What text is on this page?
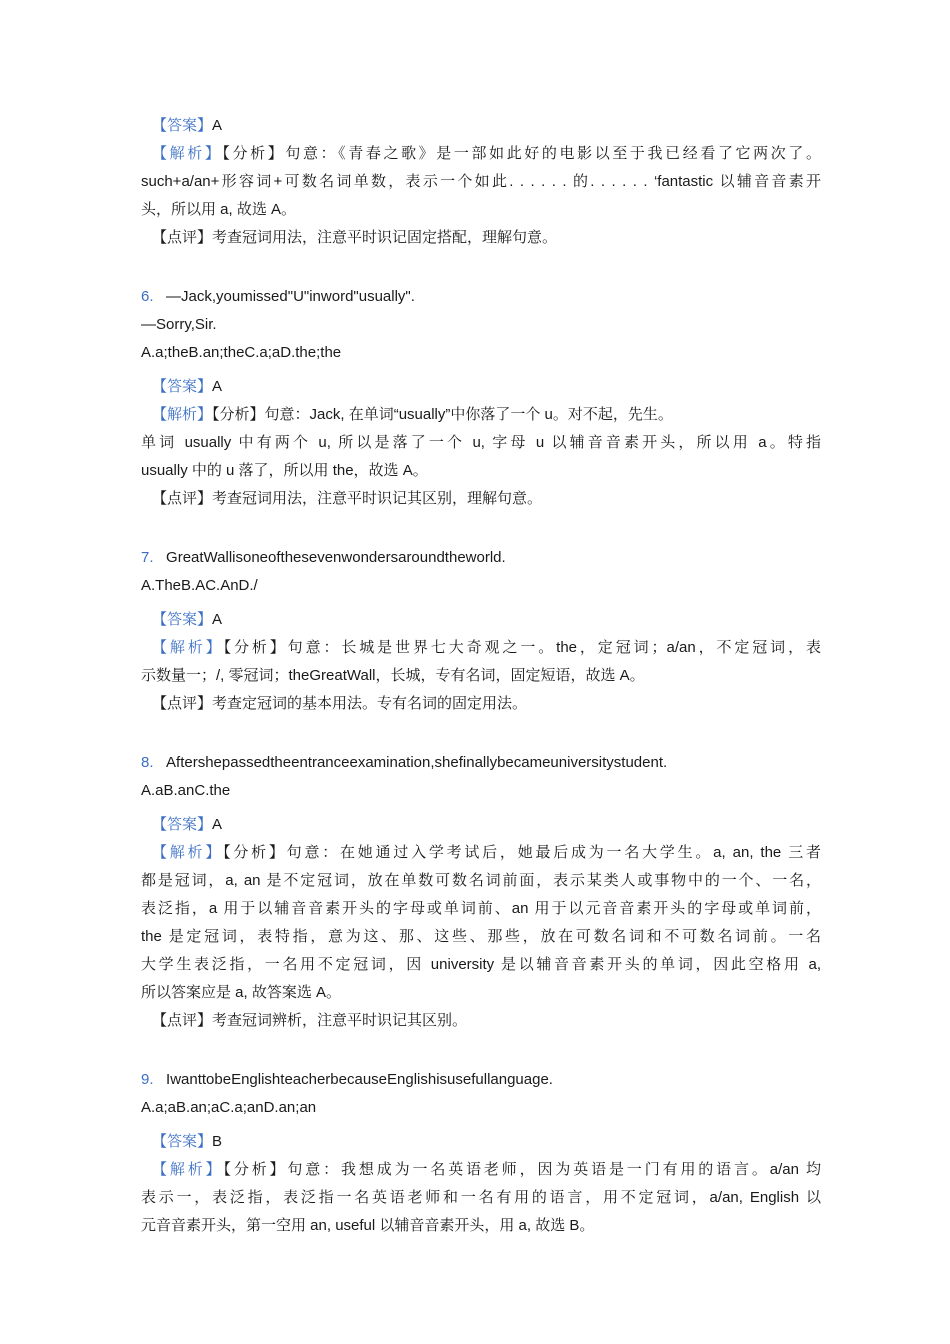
【答案】A
【解析】【分析】句意：《青春之歌》是一部如此好的电影以至于我已经看了它两次了。
such+a/an+形容词+可数名词单数，表示一个如此. . . . . . 的. . . . . . ‘fantastic 以辅音音素开
头，所以用 a, 故选 A。
【点评】考查冠词用法，注意平时识记固定搭配，理解句意。
6. —Jack,youmissed"U"inword"usually".
—Sorry,Sir.
A.a;theB.an;theC.a;aD.the;the
【答案】A
【解析】【分析】句意：Jack, 在单词“usually”中你落了一个 u。对不起，先生。
单词 usually 中有两个 u, 所以是落了一个 u, 字母 u 以辅音音素开头，所以用 a。特指
usually 中的 u 落了，所以用 the，故选 A。
【点评】考查冠词用法，注意平时识记其区别，理解句意。
7. GreatWallisoneofthesevenwondersaroundtheworld.
A.TheB.AC.AnD./
【答案】A
【解析】【分析】句意：长城是世界七大奇观之一。the，定冠词；a/an，不定冠词，表
示数量一；/, 零冠词；theGreatWall，长城，专有名词，固定短语，故选 A。
【点评】考查定冠词的基本用法。专有名词的固定用法。
8. Aftershepassedtheentranceexamination,shefinallybecameuniversitystudent.
A.aB.anC.the
【答案】A
【解析】【分析】句意：在她通过入学考试后，她最后成为一名大学生。a, an, the 三者
都是冠词，a, an 是不定冠词，放在单数可数名词前面，表示某类人或事物中的一个、一名，
表泛指，a 用于以辅音音素开头的字母或单词前、an 用于以元音音素开头的字母或单词前，
the 是定冠词，表特指，意为这、那、这些、那些，放在可数名词和不可数名词前。一名
大学生表泛指，一名用不定冠词，因 university 是以辅音音素开头的单词，因此空格用 a,
所以答案应是 a, 故答案选 A。
【点评】考查冠词辨析，注意平时识记其区别。
9. IwanttobeEnglishteacherbecauseEnglishisusefullanguage.
A.a;aB.an;aC.a;anD.an;an
【答案】B
【解析】【分析】句意：我想成为一名英语老师，因为英语是一门有用的语言。a/an 均
表示一，表泛指，表泛指一名英语老师和一名有用的语言，用不定冠词，a/an, English 以
元音音素开头，第一空用 an, useful 以辅音音素开头，用 a, 故选 B。
